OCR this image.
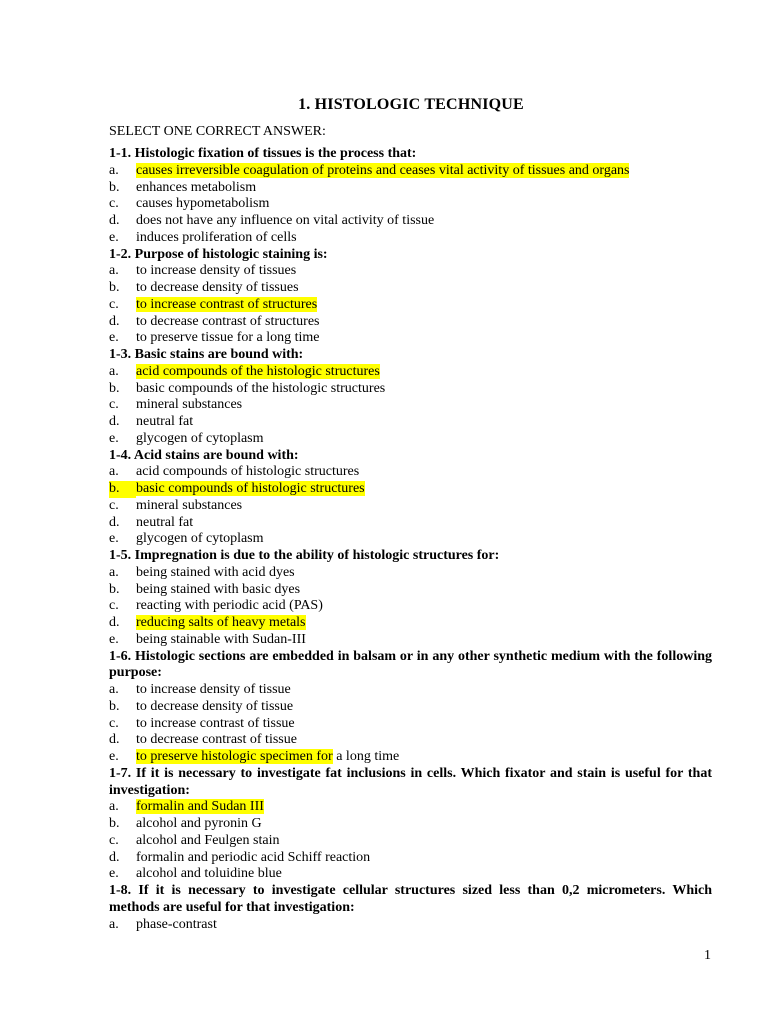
1. HISTOLOGIC TECHNIQUE
SELECT ONE CORRECT ANSWER:
1-1. Histologic fixation of tissues is the process that:
a.	causes irreversible coagulation of proteins and ceases vital activity of tissues and organs
b.	enhances metabolism
c.	causes hypometabolism
d.	does not have any influence on vital activity of tissue
e.	induces proliferation of cells
1-2. Purpose of histologic staining is:
a.	to increase density of tissues
b.	to decrease density of tissues
c.	to increase contrast of structures
d.	to decrease contrast of structures
e.	to preserve tissue for a long time
1-3. Basic stains are bound with:
a.	acid compounds of the histologic structures
b.	basic compounds of the histologic structures
c.	mineral substances
d.	neutral fat
e.	glycogen of cytoplasm
1-4. Acid stains are bound with:
a.	acid compounds of histologic structures
b.	basic compounds of histologic structures
c.	mineral substances
d.	neutral fat
e.	glycogen of cytoplasm
1-5. Impregnation is due to the ability of histologic structures for:
a.	being stained with acid dyes
b.	being stained with basic dyes
c.	reacting with periodic acid (PAS)
d.	reducing salts of heavy metals
e.	being stainable with Sudan-III
1-6. Histologic sections are embedded in balsam or in any other synthetic medium with the following purpose:
a.	to increase density of tissue
b.	to decrease density of tissue
c.	to increase contrast of tissue
d.	to decrease contrast of tissue
e.	to preserve histologic specimen for a long time
1-7. If it is necessary to investigate fat inclusions in cells. Which fixator and stain is useful for that investigation:
a.	formalin and Sudan III
b.	alcohol and pyronin G
c.	alcohol and Feulgen stain
d.	formalin and periodic acid Schiff reaction
e.	alcohol and toluidine blue
1-8. If it is necessary to investigate cellular structures sized less than 0,2 micrometers. Which methods are useful for that investigation:
a.	phase-contrast
1
